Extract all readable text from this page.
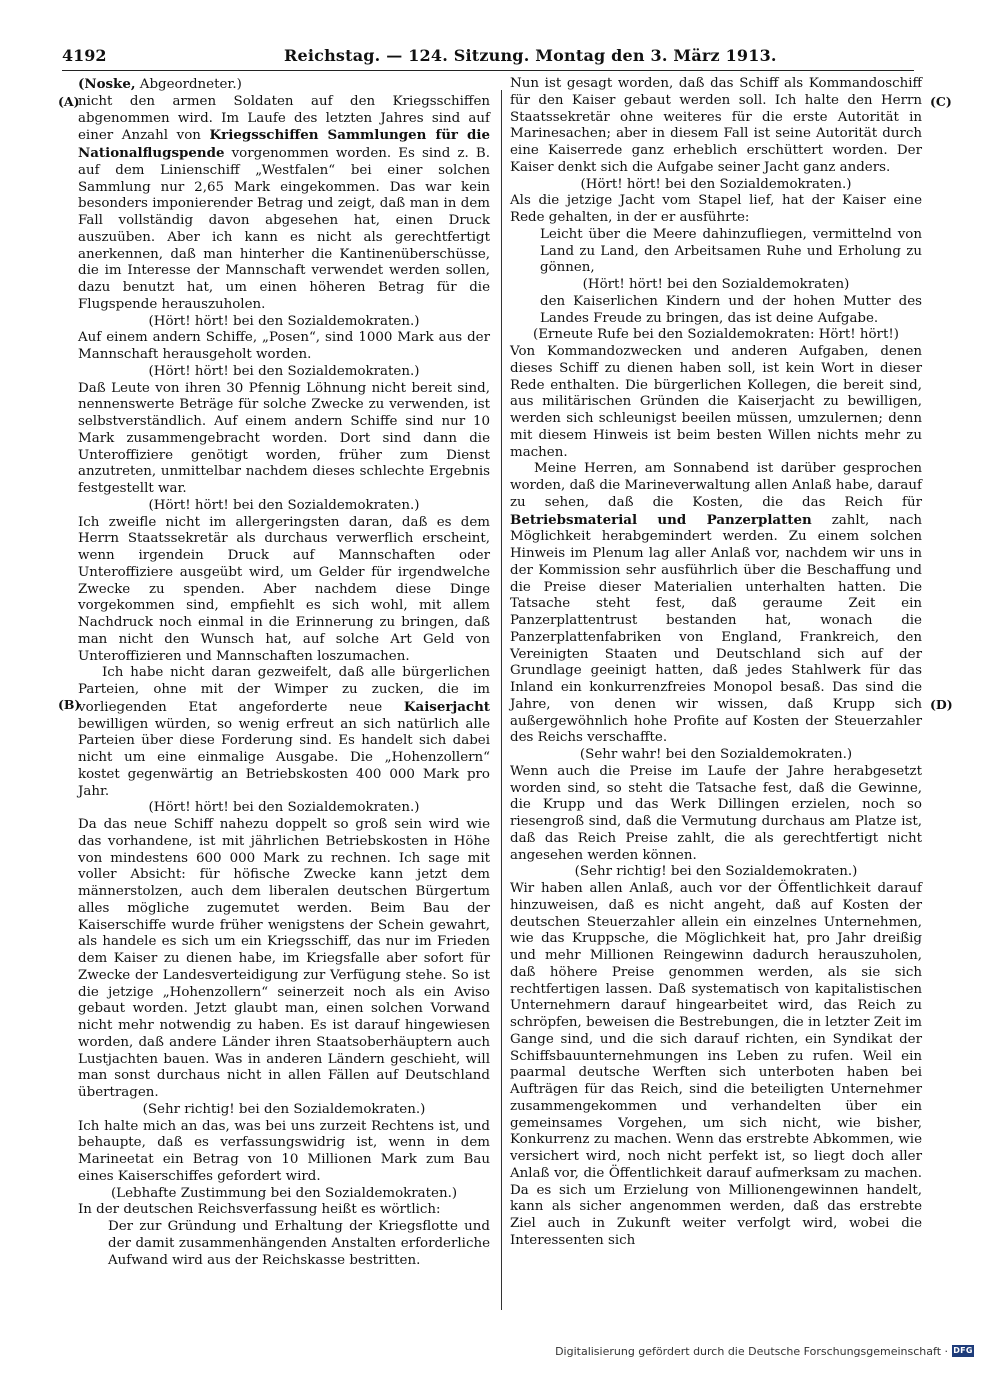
4192	Reichstag. — 124. Sitzung. Montag den 3. März 1913.
(A)
(B)
(C)
(D)

(Noske, Abgeordneter.)

nicht den armen Soldaten auf den Kriegsschiffen abgenommen wird. Im Laufe des letzten Jahres sind auf einer Anzahl von Kriegsschiffen Sammlungen für die Nationalflugspende vorgenommen worden. Es sind z. B. auf dem Linienschiff „Westfalen“ bei einer solchen Sammlung nur 2,65 Mark eingekommen. Das war kein besonders imponierender Betrag und zeigt, daß man in dem Fall vollständig davon abgesehen hat, einen Druck auszuüben. Aber ich kann es nicht als gerechtfertigt anerkennen, daß man hinterher die Kantinenüberschüsse, die im Interesse der Mannschaft verwendet werden sollen, dazu benutzt hat, um einen höheren Betrag für die Flugspende herauszuholen.

(Hört! hört! bei den Sozialdemokraten.)

Auf einem andern Schiffe, „Posen“, sind 1000 Mark aus der Mannschaft herausgeholt worden.

(Hört! hört! bei den Sozialdemokraten.)

Daß Leute von ihren 30 Pfennig Löhnung nicht bereit sind, nennenswerte Beträge für solche Zwecke zu verwenden, ist selbstverständlich. Auf einem andern Schiffe sind nur 10 Mark zusammengebracht worden. Dort sind dann die Unteroffiziere genötigt worden, früher zum Dienst anzutreten, unmittelbar nachdem dieses schlechte Ergebnis festgestellt war.

(Hört! hört! bei den Sozialdemokraten.)

Ich zweifle nicht im allergeringsten daran, daß es dem Herrn Staatssekretär als durchaus verwerflich erscheint, wenn irgendein Druck auf Mannschaften oder Unteroffiziere ausgeübt wird, um Gelder für irgendwelche Zwecke zu spenden. Aber nachdem diese Dinge vorgekommen sind, empfiehlt es sich wohl, mit allem Nachdruck noch einmal in die Erinnerung zu bringen, daß man nicht den Wunsch hat, auf solche Art Geld von Unteroffizieren und Mannschaften loszumachen.

Ich habe nicht daran gezweifelt, daß alle bürgerlichen Parteien, ohne mit der Wimper zu zucken, die im vorliegenden Etat angeforderte neue Kaiserjacht bewilligen würden, so wenig erfreut an sich natürlich alle Parteien über diese Forderung sind. Es handelt sich dabei nicht um eine einmalige Ausgabe. Die „Hohenzollern“ kostet gegenwärtig an Betriebskosten 400 000 Mark pro Jahr.

(Hört! hört! bei den Sozialdemokraten.)

Da das neue Schiff nahezu doppelt so groß sein wird wie das vorhandene, ist mit jährlichen Betriebskosten in Höhe von mindestens 600 000 Mark zu rechnen. Ich sage mit voller Absicht: für höfische Zwecke kann jetzt dem männerstolzen, auch dem liberalen deutschen Bürgertum alles mögliche zugemutet werden. Beim Bau der Kaiserschiffe wurde früher wenigstens der Schein gewahrt, als handele es sich um ein Kriegsschiff, das nur im Frieden dem Kaiser zu dienen habe, im Kriegsfalle aber sofort für Zwecke der Landesverteidigung zur Verfügung stehe. So ist die jetzige „Hohenzollern“ seinerzeit noch als ein Aviso gebaut worden. Jetzt glaubt man, einen solchen Vorwand nicht mehr notwendig zu haben. Es ist darauf hingewiesen worden, daß andere Länder ihren Staatsoberhäuptern auch Lustjachten bauen. Was in anderen Ländern geschieht, will man sonst durchaus nicht in allen Fällen auf Deutschland übertragen.

(Sehr richtig! bei den Sozialdemokraten.)

Ich halte mich an das, was bei uns zurzeit Rechtens ist, und behaupte, daß es verfassungswidrig ist, wenn in dem Marineetat ein Betrag von 10 Millionen Mark zum Bau eines Kaiserschiffes gefordert wird.

(Lebhafte Zustimmung bei den Sozialdemokraten.)

In der deutschen Reichsverfassung heißt es wörtlich:

Der zur Gründung und Erhaltung der Kriegsflotte und der damit zusammenhängenden Anstalten erforderliche Aufwand wird aus der Reichskasse bestritten.

Nun ist gesagt worden, daß das Schiff als Kommandoschiff für den Kaiser gebaut werden soll. Ich halte den Herrn Staatssekretär ohne weiteres für die erste Autorität in Marinesachen; aber in diesem Fall ist seine Autorität durch eine Kaiserrede ganz erheblich erschüttert worden. Der Kaiser denkt sich die Aufgabe seiner Jacht ganz anders.

(Hört! hört! bei den Sozialdemokraten.)

Als die jetzige Jacht vom Stapel lief, hat der Kaiser eine Rede gehalten, in der er ausführte:

Leicht über die Meere dahinzufliegen, vermittelnd von Land zu Land, den Arbeitsamen Ruhe und Erholung zu gönnen,

(Hört! hört! bei den Sozialdemokraten)

den Kaiserlichen Kindern und der hohen Mutter des Landes Freude zu bringen, das ist deine Aufgabe.

(Erneute Rufe bei den Sozialdemokraten: Hört! hört!)

Von Kommandozwecken und anderen Aufgaben, denen dieses Schiff zu dienen haben soll, ist kein Wort in dieser Rede enthalten. Die bürgerlichen Kollegen, die bereit sind, aus militärischen Gründen die Kaiserjacht zu bewilligen, werden sich schleunigst beeilen müssen, umzulernen; denn mit diesem Hinweis ist beim besten Willen nichts mehr zu machen.

Meine Herren, am Sonnabend ist darüber gesprochen worden, daß die Marineverwaltung allen Anlaß habe, darauf zu sehen, daß die Kosten, die das Reich für Betriebsmaterial und Panzerplatten zahlt, nach Möglichkeit herabgemindert werden. Zu einem solchen Hinweis im Plenum lag aller Anlaß vor, nachdem wir uns in der Kommission sehr ausführlich über die Beschaffung und die Preise dieser Materialien unterhalten hatten. Die Tatsache steht fest, daß geraume Zeit ein Panzerplattentrust bestanden hat, wonach die Panzerplattenfabriken von England, Frankreich, den Vereinigten Staaten und Deutschland sich auf der Grundlage geeinigt hatten, daß jedes Stahlwerk für das Inland ein konkurrenzfreies Monopol besaß. Das sind die Jahre, von denen wir wissen, daß Krupp sich außergewöhnlich hohe Profite auf Kosten der Steuerzahler des Reichs verschaffte.

(Sehr wahr! bei den Sozialdemokraten.)

Wenn auch die Preise im Laufe der Jahre herabgesetzt worden sind, so steht die Tatsache fest, daß die Gewinne, die Krupp und das Werk Dillingen erzielen, noch so riesengroß sind, daß die Vermutung durchaus am Platze ist, daß das Reich Preise zahlt, die als gerechtfertigt nicht angesehen werden können.

(Sehr richtig! bei den Sozialdemokraten.)

Wir haben allen Anlaß, auch vor der Öffentlichkeit darauf hinzuweisen, daß es nicht angeht, daß auf Kosten der deutschen Steuerzahler allein ein einzelnes Unternehmen, wie das Kruppsche, die Möglichkeit hat, pro Jahr dreißig und mehr Millionen Reingewinn dadurch herauszuholen, daß höhere Preise genommen werden, als sie sich rechtfertigen lassen. Daß systematisch von kapitalistischen Unternehmern darauf hingearbeitet wird, das Reich zu schröpfen, beweisen die Bestrebungen, die in letzter Zeit im Gange sind, und die sich darauf richten, ein Syndikat der Schiffsbauunternehmungen ins Leben zu rufen. Weil ein paarmal deutsche Werften sich unterboten haben bei Aufträgen für das Reich, sind die beteiligten Unternehmer zusammengekommen und verhandelten über ein gemeinsames Vorgehen, um sich nicht, wie bisher, Konkurrenz zu machen. Wenn das erstrebte Abkommen, wie versichert wird, noch nicht perfekt ist, so liegt doch aller Anlaß vor, die Öffentlichkeit darauf aufmerksam zu machen. Da es sich um Erzielung von Millionengewinnen handelt, kann als sicher angenommen werden, daß das erstrebte Ziel auch in Zukunft weiter verfolgt wird, wobei die Interessenten sich

Digitalisierung gefördert durch die Deutsche Forschungsgemeinschaft · DFG
